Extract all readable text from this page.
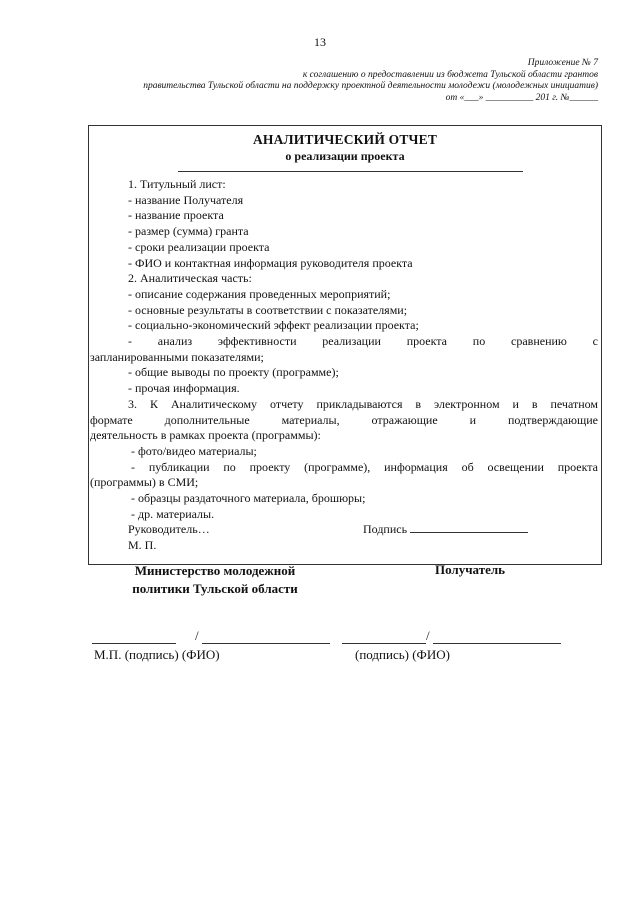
13
Приложение № 7
к соглашению о предоставлении из бюджета Тульской области грантов
правительства Тульской области на поддержку проектной деятельности молодежи (молодежных инициатив)
от «___» __________ 201 г. №______
АНАЛИТИЧЕСКИЙ ОТЧЕТ
о реализации проекта

1. Титульный лист:

- название Получателя

- название проекта

- размер (сумма) гранта

- сроки реализации проекта

- ФИО и контактная информация руководителя проекта

2. Аналитическая часть:

- описание содержания проведенных мероприятий;

- основные результаты в соответствии с показателями;

- социально-экономический эффект реализации проекта;

- анализ эффективности реализации проекта по сравнению с

запланированными показателями;

- общие выводы по проекту (программе);

- прочая информация.

3. К Аналитическому отчету прикладываются в электронном и в печатном

формате дополнительные материалы, отражающие и подтверждающие

деятельность в рамках проекта (программы):

- фото/видео материалы;

- публикации по проекту (программе), информация об освещении проекта

(программы) в СМИ;

- образцы раздаточного материала, брошюры;

- др. материалы.

Руководитель…	Подпись

М. П.

Министерство молодежной
политики Тульской области
Получатель
/
М.П. (подпись) (ФИО)
/
(подпись) (ФИО)
